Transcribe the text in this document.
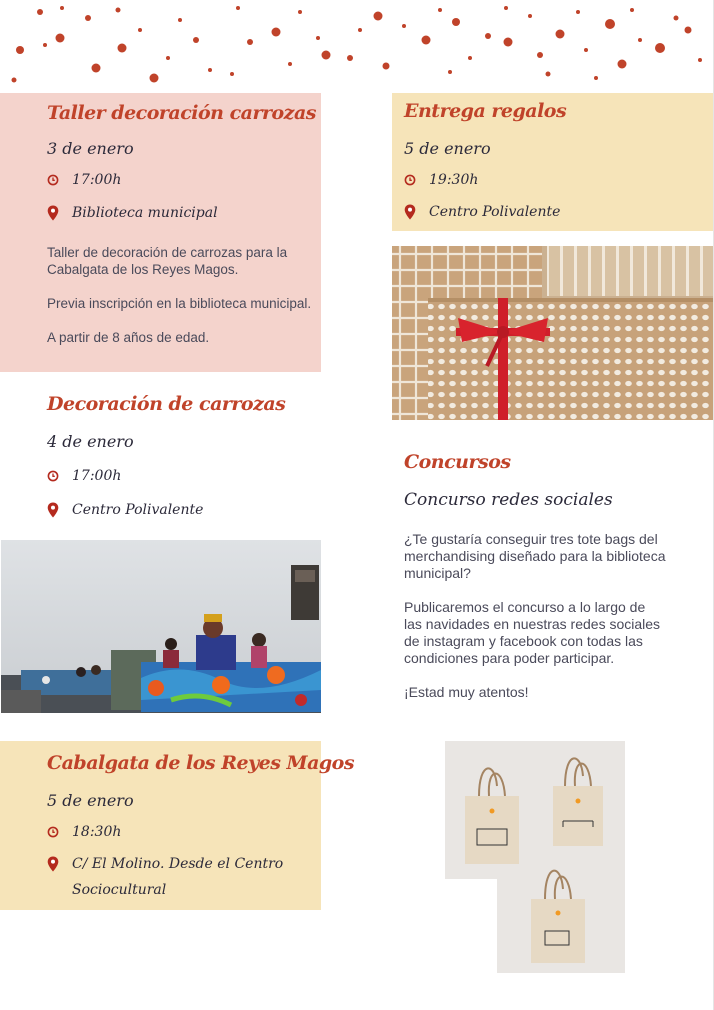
Taller decoración carrozas
3 de enero
17:00h
Biblioteca municipal

Taller de decoración de carrozas para la Cabalgata de los Reyes Magos.

Previa inscripción en la biblioteca municipal.

A partir de 8 años de edad.

Decoración de carrozas
4 de enero
17:00h
Centro Polivalente
Cabalgata de los Reyes Magos
5 de enero
18:30h
C/ El Molino. Desde el Centro Sociocultural
Entrega regalos
5 de enero
19:30h
Centro Polivalente
Concursos
Concurso redes sociales

¿Te gustaría conseguir tres tote bags del merchandising diseñado para la biblioteca municipal?

Publicaremos el concurso a lo largo de las navidades en nuestras redes sociales de instagram y facebook con todas las condiciones para poder participar.

¡Estad muy atentos!
